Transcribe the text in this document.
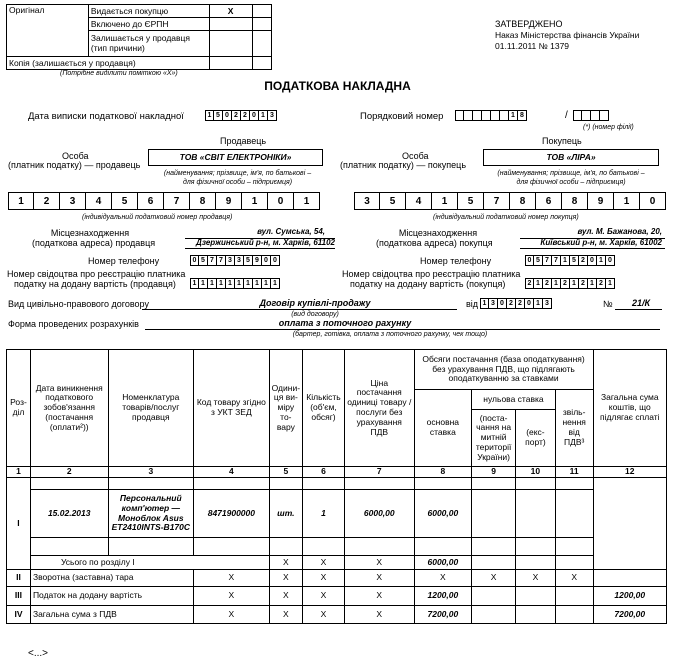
Оригінал	Видається покупцю	X	
	Включено до ЄРПН		
	Залишається у продавця (тип причини)		
Копія (залишається у продавця)			
(Потрібне виділити поміткою «Х»)
ЗАТВЕРДЖЕНО
Наказ Міністерства фінансів України
01.11.2011 № 1379
ПОДАТКОВА НАКЛАДНА
Дата виписки податкової накладної	1 5 0 2 2 0 1 3	Порядковий номер	1 8	/
(*) (номер філії)
Продавець
Особа
(платник податку) — продавець
ТОВ «СВІТ ЕЛЕКТРОНІКИ»
(найменування; прізвище, ім'я, по батькові –
для фізичної особи – підприємця)
1	2	3	4	5	6	7	8	9	1	0	1
(індивідуальний податковий номер продавця)
Місцезнаходження
(податкова адреса) продавця
вул. Сумська, 54,
Дзержинський р-н, м. Харків, 61102
Номер телефону	0 5 7 7 3 3 5 9 0 0
Номер свідоцтва про реєстрацію платника
податку на додану вартість (продавця)	1 1 1 1 1 1 1 1 1 1
Покупець
Особа
(платник податку) — покупець
ТОВ «ЛІРА»
(найменування; прізвище, ім'я, по батькові –
для фізичної особи – підприємця)
3	5	4	1	5	7	8	6	8	9	1	0
(індивідуальний податковий номер покупця)
Місцезнаходження
(податкова адреса) покупця
вул. М. Бажанова, 20,
Київський р-н, м. Харків, 61002
Номер телефону	0 5 7 7 1 5 2 0 1 0
Номер свідоцтва про реєстрацію платника
податку на додану вартість (покупця)	2 1 2 1 2 1 2 1 2 1
Вид цивільно-правового договору	Договір купівлі-продажу
(вид договору)
від 1 3 0 2 2 0 1 3	№ 21/К
Форма проведених розрахунків	оплата з поточного рахунку
(бартер, готівка, оплата з поточного рахунку, чек тощо)
Роз-діл	Дата виникнення податкового зобов'язання (постачання (оплати²))	Номенклатура товарів/послуг продавця	Код товару згідно з УКТ ЗЕД	Одини-ця ви-міру то-вару	Кількість (об'єм, обсяг)	Ціна постачання одиниці товару / послуги без урахування ПДВ	Обсяги постачання (база оподаткування) без урахування ПДВ, що підлягають оподаткуванню за ставками				Загальна сума коштів, що підлягає сплаті
							основна ставка	нульова ставка		звіль-нення від ПДВ³	
								(поста-чання на митній території України)	(екс-порт)		
1	2	3	4	5	6	7	8	9	10	11	12
I											
	15.02.2013	Персональний комп'ютер — Моноблок Asus ET2410INTS-B170C	8471900000	шт.	1	6000,00	6000,00				

	Усього по розділу І			X	X	X	6000,00				
II	Зворотна (заставна) тара		X	X	X	X	X	X	X	X	
III	Податок на додану вартість		X	X	X	X	1200,00				1200,00
IV	Загальна сума з ПДВ		X	X	X	X	7200,00				7200,00
<...>
